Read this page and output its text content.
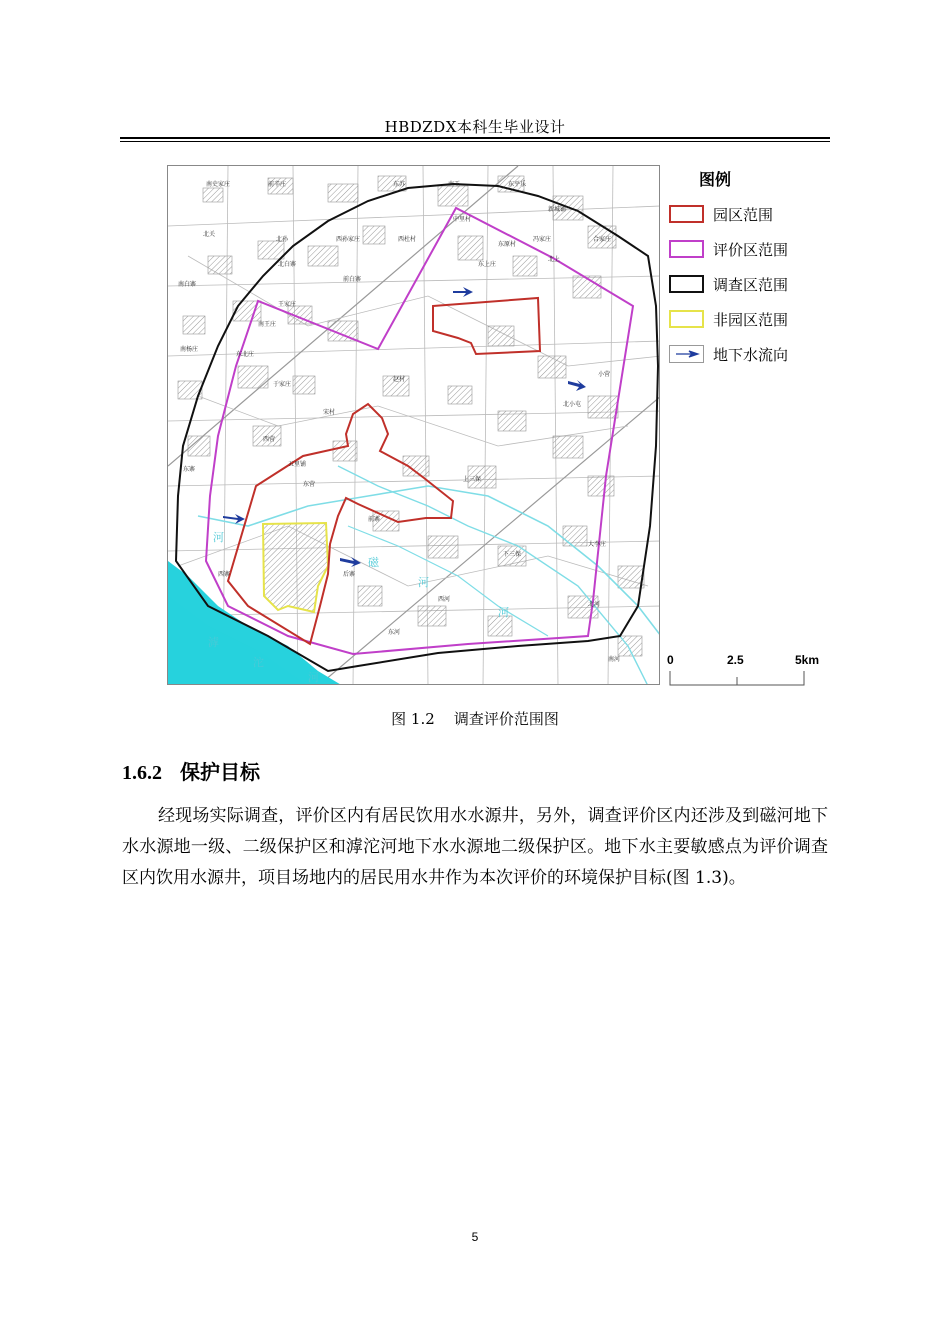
HBDZDX本科生毕业设计
滹
沱
河
磁
河
河
河
南史家庄	前辛庄	东苏	南王	东平乐
新城铺
中里村
西杜村
东原村
冯家庄
北上
合家庄
东上庄
北关
北孙	西孙家庄
北白寨
前白寨
南白寨
王家庄
南王庄
南杨庄
东北庄
于家庄
小营
北小屯
赵村
宋村
西营
五里铺
东营
东寨
前寨
西寨	后寨
上三保
下三保
大李庄
西河
东河
北河
南河
图例
园区范围
评价区范围
调查区范围
非园区范围
地下水流向
0	2.5	5km
图 1.2    调查评价范围图
1.6.2 保护目标
经现场实际调查，评价区内有居民饮用水水源井，另外，调查评价区内还涉及到磁河地下水水源地一级、二级保护区和滹沱河地下水水源地二级保护区。地下水主要敏感点为评价调查区内饮用水源井，项目场地内的居民用水井作为本次评价的环境保护目标(图 1.3)。
5
